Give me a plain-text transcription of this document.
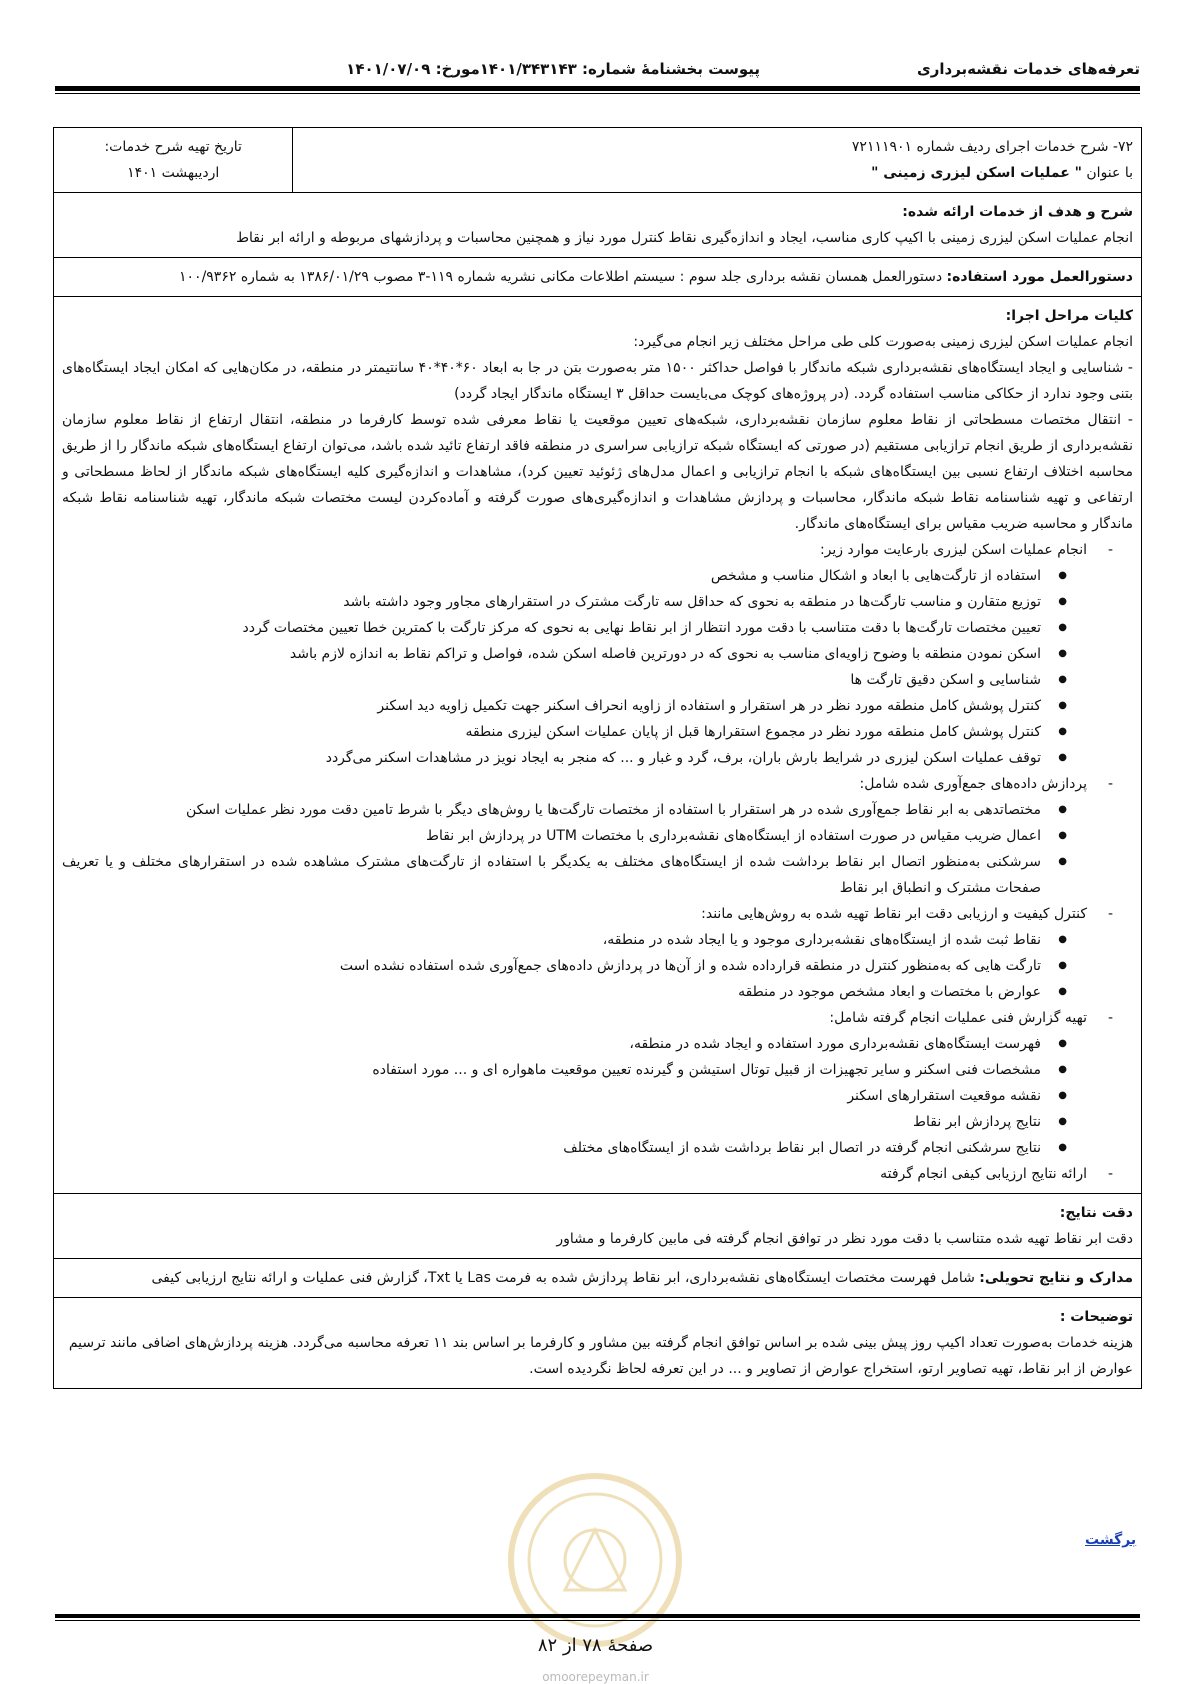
تعرفه‌های خدمات نقشه‌برداری
پیوست بخشنامۀ شماره: ۱۴۰۱/۳۴۳۱۴۳مورخ: ۱۴۰۱/۰۷/۰۹
۷۲- شرح خدمات اجرای ردیف شماره ۷۲۱۱۱۹۰۱
با عنوان " عملیات اسکن لیزری زمینی "

تاریخ تهیه شرح خدمات:
اردیبهشت ۱۴۰۱

شرح و هدف از خدمات ارائه شده:
انجام عملیات اسکن لیزری زمینی با اکیپ کاری مناسب، ایجاد و اندازه‌گیری نقاط کنترل مورد نیاز و همچنین محاسبات و پردازشهای مربوطه و ارائه ابر نقاط

دستورالعمل مورد استفاده: دستورالعمل همسان نقشه برداری جلد سوم : سیستم اطلاعات مکانی نشریه شماره ۱۱۹-۳ مصوب ۱۳۸۶/۰۱/۲۹ به شماره ۱۰۰/۹۳۶۲

کلیات مراحل اجرا:
انجام عملیات اسکن لیزری زمینی به‌صورت کلی طی مراحل مختلف زیر انجام می‌گیرد:
- شناسایی و ایجاد ایستگاه‌های نقشه‌برداری شبکه ماندگار با فواصل حداکثر ۱۵۰۰ متر به‌صورت بتن در جا به ابعاد ۶۰*۴۰*۴۰ سانتیمتر در منطقه، در مکان‌هایی که امکان ایجاد ایستگاه‌های بتنی وجود ندارد از حکاکی مناسب استفاده گردد. (در پروژه‌های کوچک می‌بایست حداقل ۳ ایستگاه ماندگار ایجاد گردد)
- انتقال مختصات مسطحاتی از نقاط معلوم سازمان نقشه‌برداری، شبکه‌های تعیین موقعیت یا نقاط معرفی شده توسط کارفرما در منطقه، انتقال ارتفاع از نقاط معلوم سازمان نقشه‌برداری از طریق انجام ترازیابی مستقیم (در صورتی که ایستگاه شبکه ترازیابی سراسری در منطقه فاقد ارتفاع تائید شده باشد، می‌توان ارتفاع ایستگاه‌های شبکه ماندگار را از طریق محاسبه اختلاف ارتفاع نسبی بین ایستگاه‌های شبکه با انجام ترازیابی و اعمال مدل‌های ژئوئید تعیین کرد)، مشاهدات و اندازه‌گیری کلیه ایستگاه‌های شبکه ماندگار از لحاظ مسطحاتی و ارتفاعی و تهیه شناسنامه نقاط شبکه ماندگار، محاسبات و پردازش مشاهدات و اندازه‌گیری‌های صورت گرفته و آماده‌کردن لیست مختصات شبکه ماندگار، تهیه شناسنامه نقاط شبکه ماندگار و محاسبه ضریب مقیاس برای ایستگاه‌های ماندگار.
- انجام عملیات اسکن لیزری بارعایت موارد زیر:
● استفاده از تارگت‌هایی با ابعاد و اشکال مناسب و مشخص
● توزیع متقارن و مناسب تارگت‌ها در منطقه به نحوی که حداقل سه تارگت مشترک در استقرارهای مجاور وجود داشته باشد
● تعیین مختصات تارگت‌ها با دقت متناسب با دقت مورد انتظار از ابر نقاط نهایی به نحوی که مرکز تارگت با کمترین خطا تعیین مختصات گردد
● اسکن نمودن منطقه با وضوح زاویه‌ای مناسب به نحوی که در دورترین فاصله اسکن شده، فواصل و تراکم نقاط به اندازه لازم باشد
● شناسایی و اسکن دقیق تارگت ها
● کنترل پوشش کامل منطقه مورد نظر در هر استقرار و استفاده از زاویه انحراف اسکنر جهت تکمیل زاویه دید اسکنر
● کنترل پوشش کامل منطقه مورد نظر در مجموع استقرارها قبل از پایان عملیات اسکن لیزری منطقه
● توقف عملیات اسکن لیزری در شرایط بارش باران، برف، گرد و غبار و ... که منجر به ایجاد نویز در مشاهدات اسکنر می‌گردد
- پردازش داده‌های جمع‌آوری شده شامل:
● مختصاتدهی به ابر نقاط جمع‌آوری شده در هر استقرار با استفاده از مختصات تارگت‌ها یا روش‌های دیگر با شرط تامین دقت مورد نظر عملیات اسکن
● اعمال ضریب مقیاس در صورت استفاده از ایستگاه‌های نقشه‌برداری با مختصات UTM در پردازش ابر نقاط
● سرشکنی به‌منظور اتصال ابر نقاط برداشت شده از ایستگاه‌های مختلف به یکدیگر با استفاده از تارگت‌های مشترک مشاهده شده در استقرارهای مختلف و یا تعریف صفحات مشترک و انطباق ابر نقاط
- کنترل کیفیت و ارزیابی دقت ابر نقاط تهیه شده به روش‌هایی مانند:
● نقاط ثبت شده از ایستگاه‌های نقشه‌برداری موجود و یا ایجاد شده در منطقه،
● تارگت هایی که به‌منظور کنترل در منطقه قرارداده شده و از آن‌ها در پردازش داده‌های جمع‌آوری شده استفاده نشده است
● عوارض با مختصات و ابعاد مشخص موجود در منطقه
- تهیه گزارش فنی عملیات انجام گرفته شامل:
● فهرست ایستگاه‌های نقشه‌برداری مورد استفاده و ایجاد شده در منطقه،
● مشخصات فنی اسکنر و سایر تجهیزات از قبیل توتال استیشن و گیرنده تعیین موقعیت ماهواره ای و ... مورد استفاده
● نقشه موقعیت استقرارهای اسکنر
● نتایج پردازش ابر نقاط
● نتایج سرشکنی انجام گرفته در اتصال ابر نقاط برداشت شده از ایستگاه‌های مختلف
- ارائه نتایج ارزیابی کیفی انجام گرفته

دقت نتایج:
دقت ابر نقاط تهیه شده متناسب با دقت مورد نظر در توافق انجام گرفته فی مابین کارفرما و مشاور

مدارک و نتایج تحویلی: شامل فهرست مختصات ایستگاه‌های نقشه‌برداری، ابر نقاط پردازش شده به فرمت Las یا Txt، گزارش فنی عملیات و ارائه نتایج ارزیابی کیفی

توضیحات :
هزینه خدمات به‌صورت تعداد اکیپ روز پیش بینی شده بر اساس توافق انجام گرفته بین مشاور و کارفرما بر اساس بند ۱۱ تعرفه محاسبه می‌گردد. هزینه پردازش‌های اضافی مانند ترسیم عوارض از ابر نقاط، تهیه تصاویر ارتو، استخراج عوارض از تصاویر و ... در این تعرفه لحاظ نگردیده است.
برگشت
صفحۀ ۷۸ از ۸۲
omoorepeyman.ir
